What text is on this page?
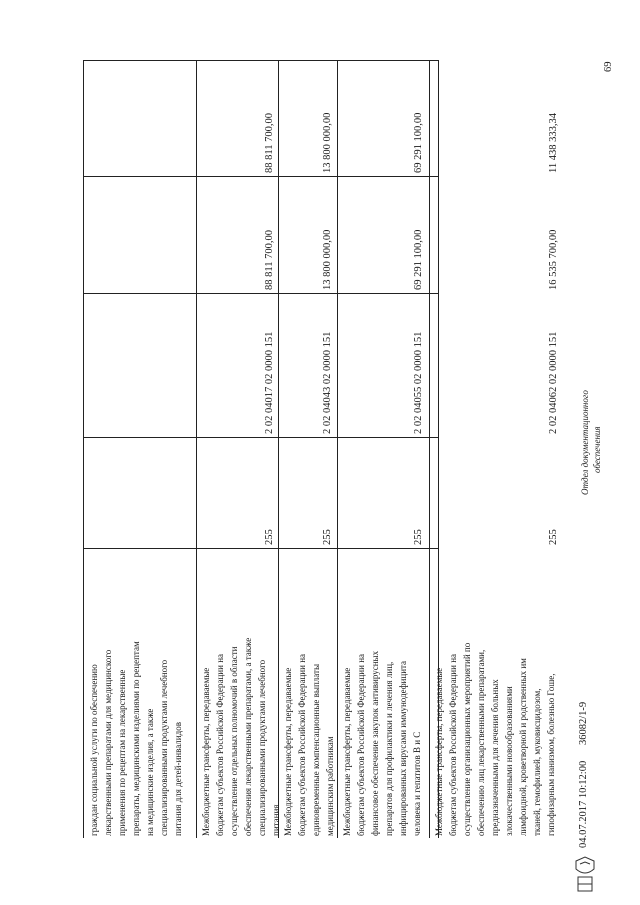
69
граждан социальной услуги по обеспечению лекарственными препаратами для медицинского применения по рецептам на лекарственные препараты, медицинскими изделиями по рецептам на медицинские изделия, а также специализированными продуктами лечебного питания для детей-инвалидов Межбюджетные трансферты, передаваемые бюджетам субъектов Российской Федерации на осуществление отдельных полномочий в области обеспечения лекарственными препаратами, а также специализированными продуктами лечебного питания
255
2 02 04017 02 0000 151
88 811 700,00
88 811 700,00
Межбюджетные трансферты, передаваемые бюджетам субъектов Российской Федерации на единовременные компенсационные выплаты медицинским работникам
255
2 02 04043 02 0000 151
13 800 000,00
13 800 000,00
Межбюджетные трансферты, передаваемые бюджетам субъектов Российской Федерации на финансовое обеспечение закупок антивирусных препаратов для профилактики и лечения лиц, инфицированных вирусами иммунодефицита человека и гепатитов B и C
255
2 02 04055 02 0000 151
69 291 100,00
69 291 100,00
Межбюджетные трансферты, передаваемые бюджетам субъектов Российской Федерации на осуществление организационных мероприятий по обеспечению лиц лекарственными препаратами, предназначенными для лечения больных злокачественными новообразованиями лимфоидной, кроветворной и родственных им тканей, гемофилией, муковисцидозом, гипофизарным нанизмом, болезнью Гоше,
255
2 02 04062 02 0000 151
16 535 700,00
11 438 333,34
04.07.2017 10:12:00
36082/1-9
Отдел документационного обеспечения
